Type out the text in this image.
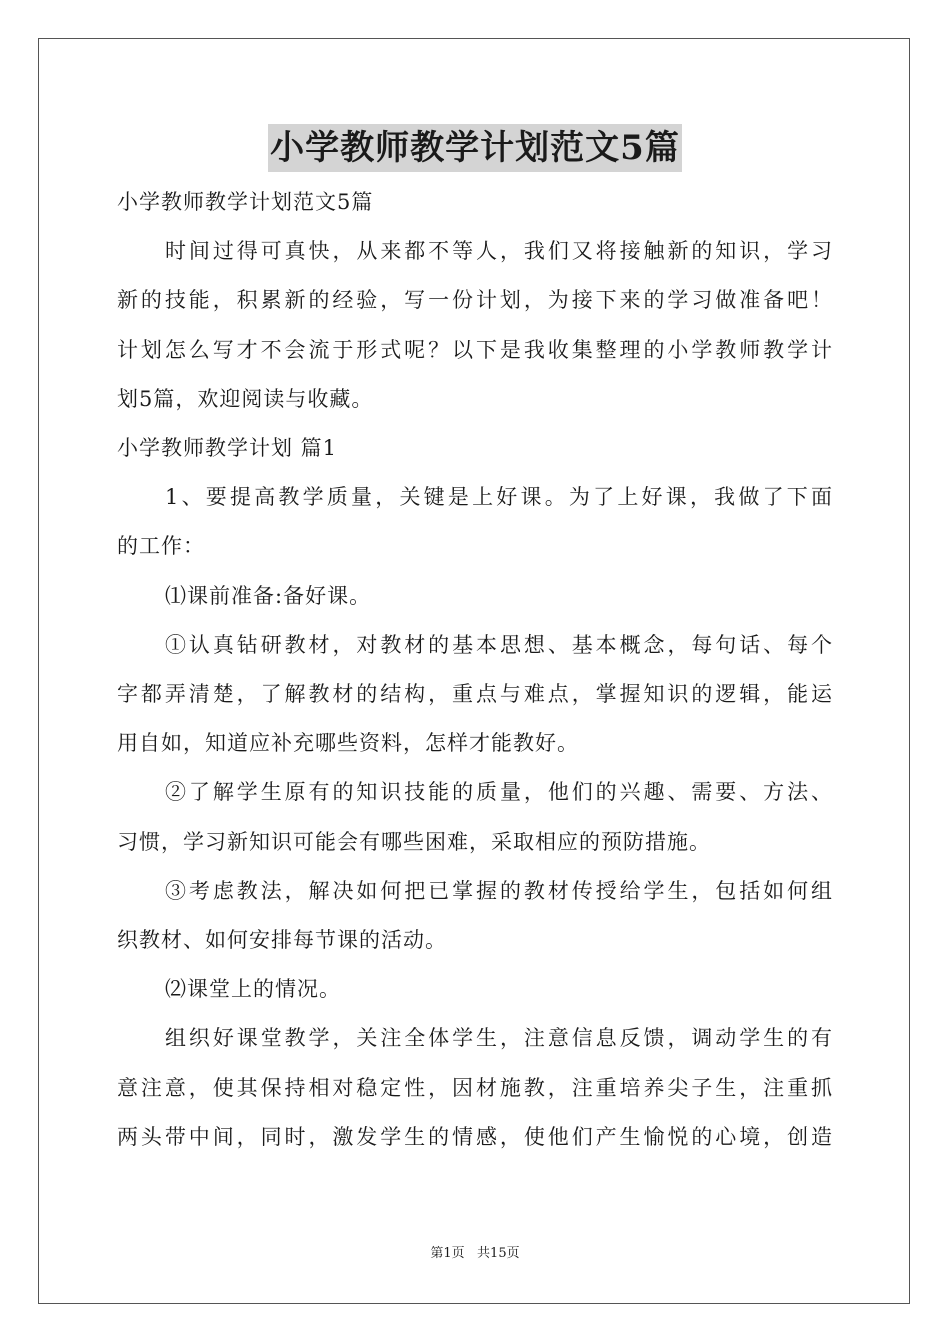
小学教师教学计划范文5篇

小学教师教学计划范文5篇

时间过得可真快，从来都不等人，我们又将接触新的知识，学习

新的技能，积累新的经验，写一份计划，为接下来的学习做准备吧！

计划怎么写才不会流于形式呢？以下是我收集整理的小学教师教学计

划5篇，欢迎阅读与收藏。

小学教师教学计划 篇1

1、要提高教学质量，关键是上好课。为了上好课，我做了下面

的工作：

⑴课前准备:备好课。

①认真钻研教材，对教材的基本思想、基本概念，每句话、每个

字都弄清楚，了解教材的结构，重点与难点，掌握知识的逻辑，能运

用自如，知道应补充哪些资料，怎样才能教好。

②了解学生原有的知识技能的质量，他们的兴趣、需要、方法、

习惯，学习新知识可能会有哪些困难，采取相应的预防措施。

③考虑教法，解决如何把已掌握的教材传授给学生，包括如何组

织教材、如何安排每节课的活动。

⑵课堂上的情况。

组织好课堂教学，关注全体学生，注意信息反馈，调动学生的有

意注意，使其保持相对稳定性，因材施教，注重培养尖子生，注重抓

两头带中间，同时，激发学生的情感，使他们产生愉悦的心境，创造

第1页   共15页
